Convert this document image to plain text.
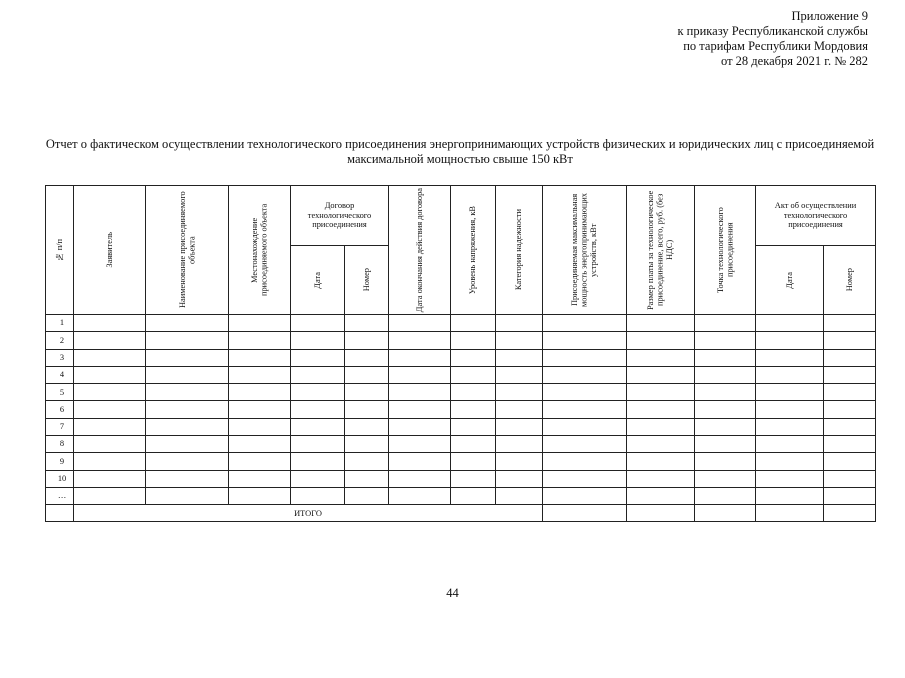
Приложение 9
к приказу Республиканской службы
по тарифам Республики Мордовия
от 28 декабря 2021 г. № 282
Отчет о фактическом осуществлении технологического присоединения энергопринимающих устройств физических и юридических лиц с присоединяемой максимальной мощностью свыше 150 кВт
№ п/п	Заявитель	Наименование присоединяемого объекта	Местонахождение присоединяемого объекта	Договор технологического присоединения		Дата окончания действия договора	Уровень напряжения, кВ	Категория надежности	Присоединяемая максимальная мощность энергопринимающих устройств, кВт	Размер платы за технологическое присоединение, всего, руб. (без НДС)	Точка технологического присоединения	Акт об осуществлении технологического присоединения	

				Дата	Номер							Дата	Номер

1													
2													
3													
4													
5													
6													
7													
8													
9													
10													
…													
	ИТОГО												
44
